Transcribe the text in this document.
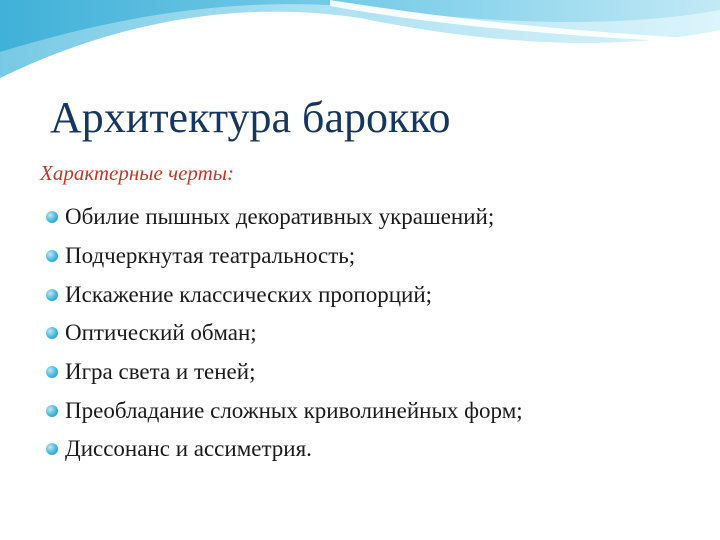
Архитектура барокко

Характерные черты:

Обилие пышных декоративных украшений;
Подчеркнутая театральность;
Искажение классических пропорций;
Оптический обман;
Игра света и теней;
Преобладание сложных криволинейных форм;
Диссонанс и ассиметрия.
